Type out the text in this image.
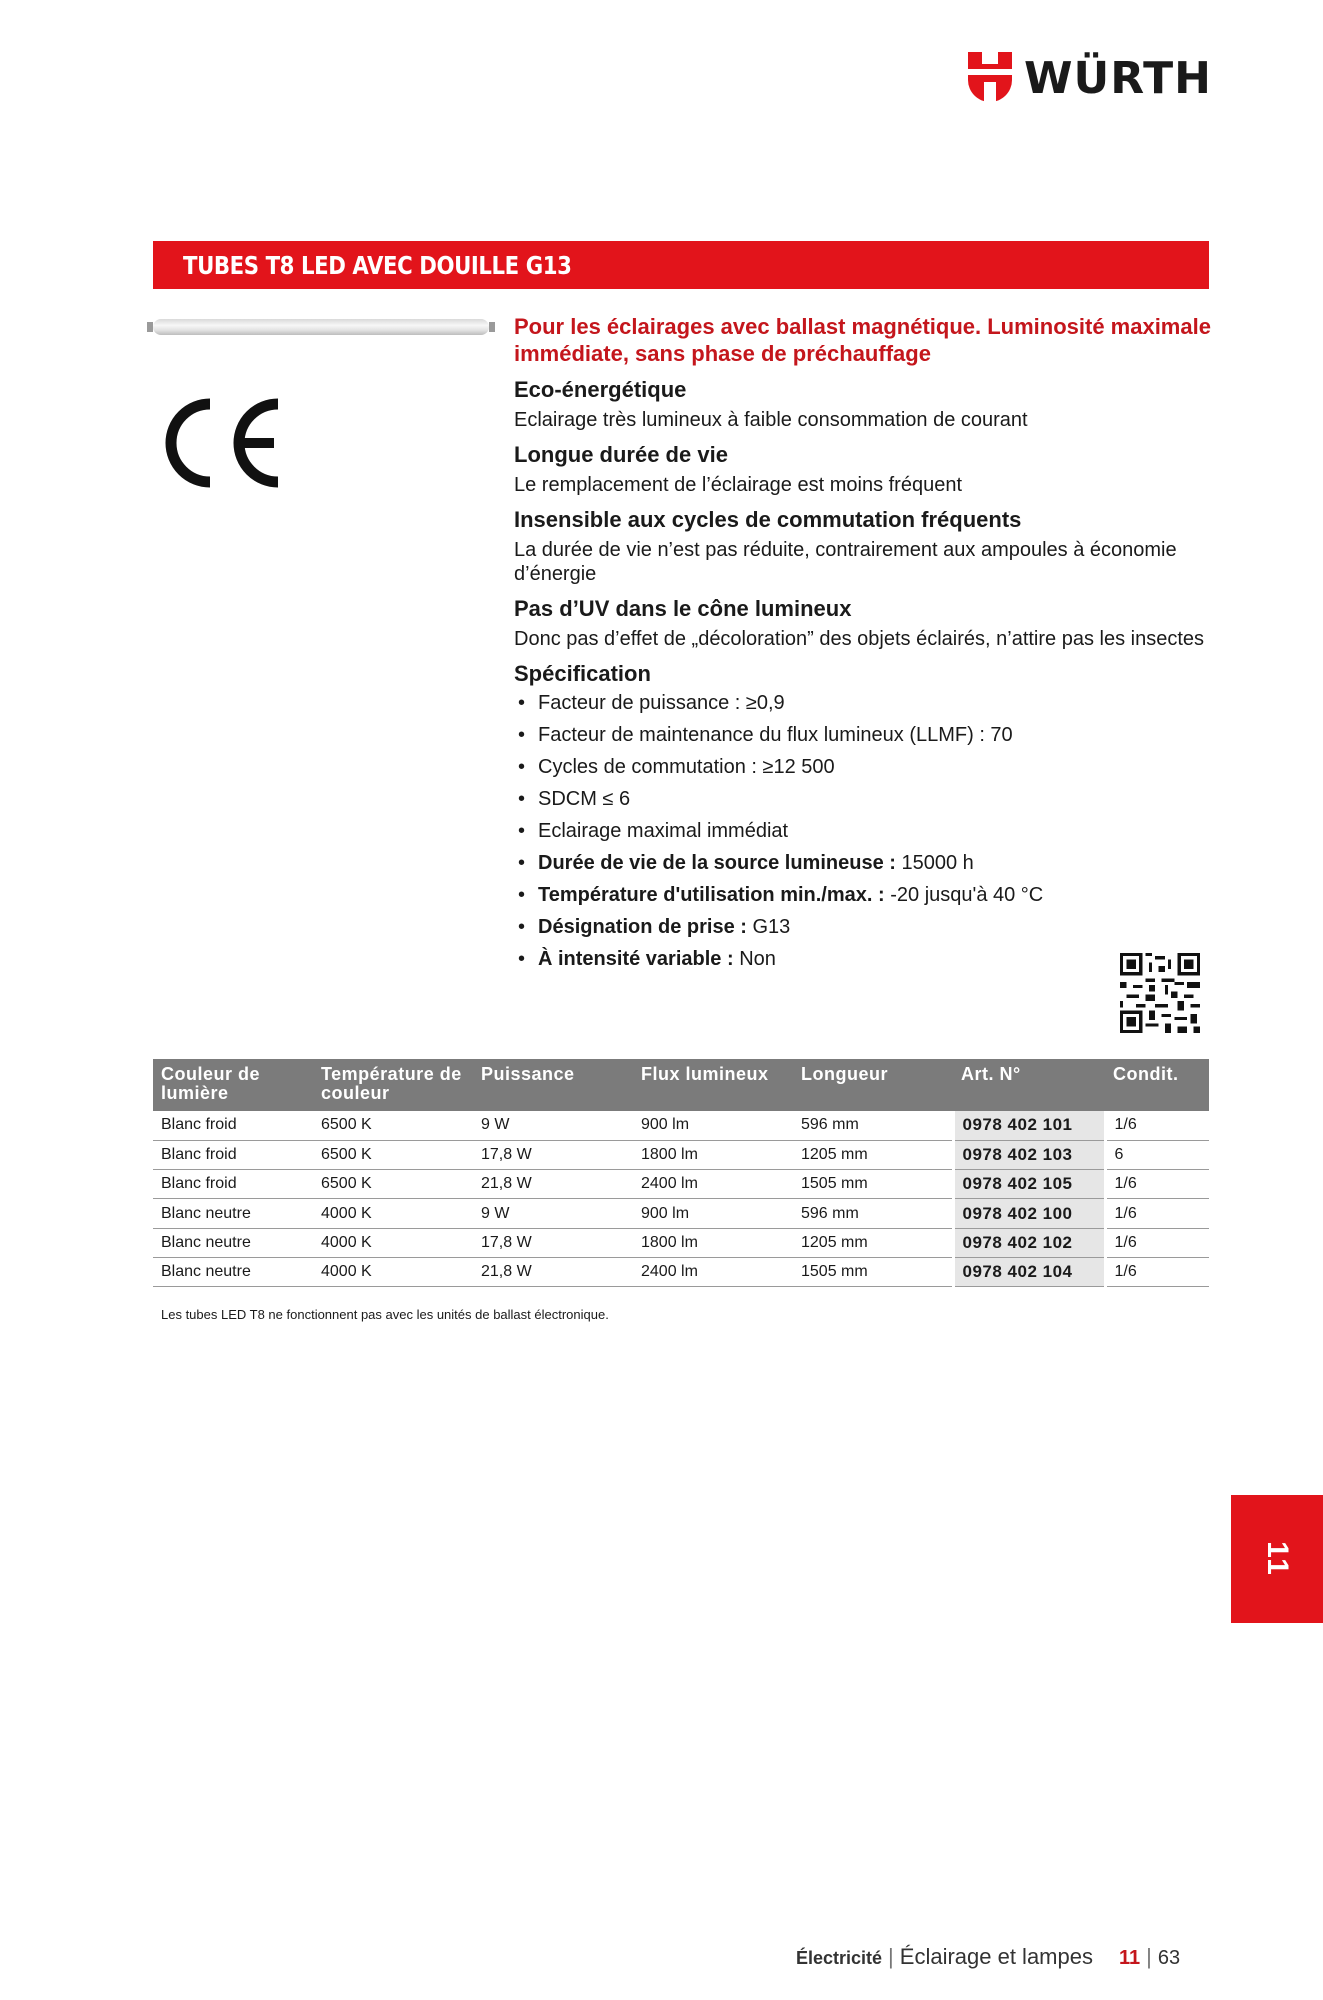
WÜRTH
TUBES T8 LED AVEC DOUILLE G13
Pour les éclairages avec ballast magnétique. Luminosité maximale immédiate, sans phase de préchauffage
Eco-énergétique
Eclairage très lumineux à faible consommation de courant
Longue durée de vie
Le remplacement de l’éclairage est moins fréquent
Insensible aux cycles de commutation fréquents
La durée de vie n’est pas réduite, contrairement aux ampoules à économie d’énergie
Pas d’UV dans le cône lumineux
Donc pas d’effet de „décoloration” des objets éclairés, n’attire pas les insectes
Spécification
• Facteur de puissance : ≥0,9
• Facteur de maintenance du flux lumineux (LLMF) : 70
• Cycles de commutation : ≥12 500
• SDCM ≤ 6
• Eclairage maximal immédiat
• Durée de vie de la source lumineuse : 15000 h
• Température d'utilisation min./max. : -20 jusqu'à 40 °C
• Désignation de prise : G13
• À intensité variable : Non
Couleur de lumière	Température de couleur	Puissance	Flux lumineux	Longueur	Art. N°	Condit.
Blanc froid	6500 K	9 W	900 lm	596 mm	0978 402 101	1/6
Blanc froid	6500 K	17,8 W	1800 lm	1205 mm	0978 402 103	6
Blanc froid	6500 K	21,8 W	2400 lm	1505 mm	0978 402 105	1/6
Blanc neutre	4000 K	9 W	900 lm	596 mm	0978 402 100	1/6
Blanc neutre	4000 K	17,8 W	1800 lm	1205 mm	0978 402 102	1/6
Blanc neutre	4000 K	21,8 W	2400 lm	1505 mm	0978 402 104	1/6
Les tubes LED T8 ne fonctionnent pas avec les unités de ballast électronique.
11
Électricité | Éclairage et lampes 11 | 63
